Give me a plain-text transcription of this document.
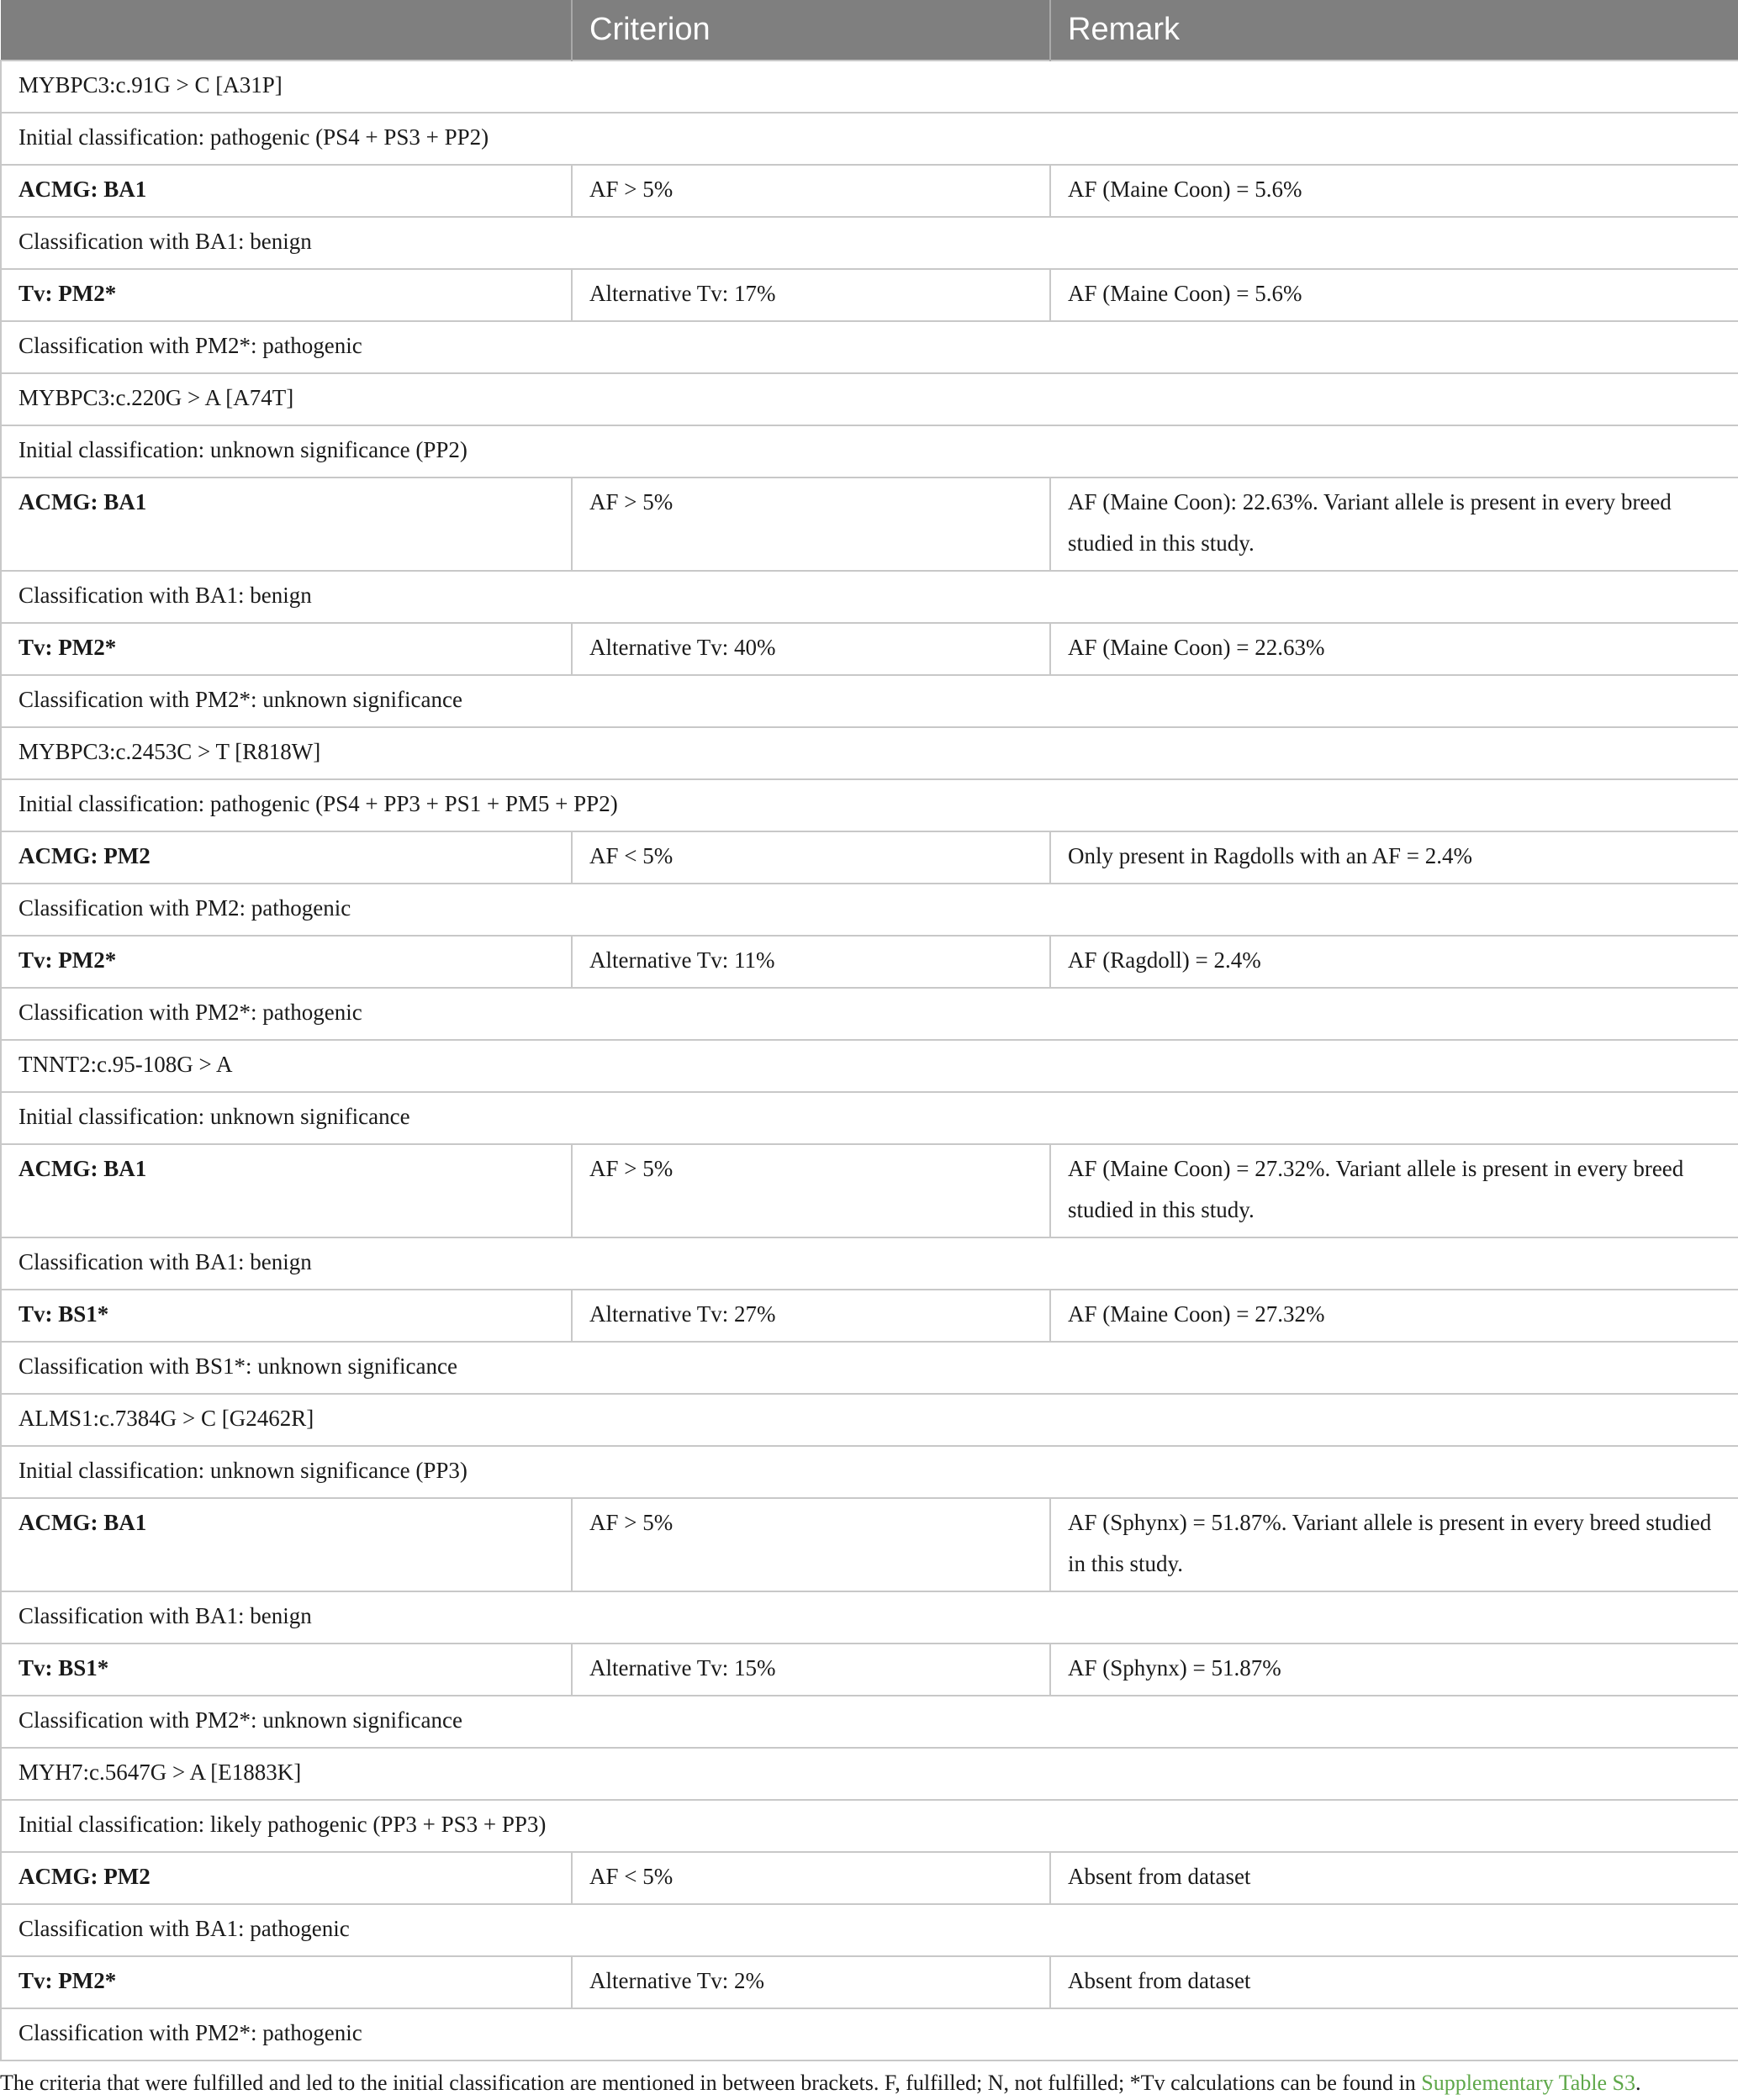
	Criterion	Remark
MYBPC3:c.91G > C [A31P]		
Initial classification: pathogenic (PS4 + PS3 + PP2)		
ACMG: BA1	AF > 5%	AF (Maine Coon) = 5.6%
Classification with BA1: benign		
Tv: PM2*	Alternative Tv: 17%	AF (Maine Coon) = 5.6%
Classification with PM2*: pathogenic		
MYBPC3:c.220G > A [A74T]		
Initial classification: unknown significance (PP2)		
ACMG: BA1	AF > 5%	AF (Maine Coon): 22.63%. Variant allele is present in every breed studied in this study.
Classification with BA1: benign		
Tv: PM2*	Alternative Tv: 40%	AF (Maine Coon) = 22.63%
Classification with PM2*: unknown significance		
MYBPC3:c.2453C > T [R818W]		
Initial classification: pathogenic (PS4 + PP3 + PS1 + PM5 + PP2)		
ACMG: PM2	AF < 5%	Only present in Ragdolls with an AF = 2.4%
Classification with PM2: pathogenic		
Tv: PM2*	Alternative Tv: 11%	AF (Ragdoll) = 2.4%
Classification with PM2*: pathogenic		
TNNT2:c.95-108G > A		
Initial classification: unknown significance		
ACMG: BA1	AF > 5%	AF (Maine Coon) = 27.32%. Variant allele is present in every breed studied in this study.
Classification with BA1: benign		
Tv: BS1*	Alternative Tv: 27%	AF (Maine Coon) = 27.32%
Classification with BS1*: unknown significance		
ALMS1:c.7384G > C [G2462R]		
Initial classification: unknown significance (PP3)		
ACMG: BA1	AF > 5%	AF (Sphynx) = 51.87%. Variant allele is present in every breed studied in this study.
Classification with BA1: benign		
Tv: BS1*	Alternative Tv: 15%	AF (Sphynx) = 51.87%
Classification with PM2*: unknown significance		
MYH7:c.5647G > A [E1883K]		
Initial classification: likely pathogenic (PP3 + PS3 + PP3)		
ACMG: PM2	AF < 5%	Absent from dataset
Classification with BA1: pathogenic		
Tv: PM2*	Alternative Tv: 2%	Absent from dataset
Classification with PM2*: pathogenic		
The criteria that were fulfilled and led to the initial classification are mentioned in between brackets. F, fulfilled; N, not fulfilled; *Tv calculations can be found in Supplementary Table S3.
